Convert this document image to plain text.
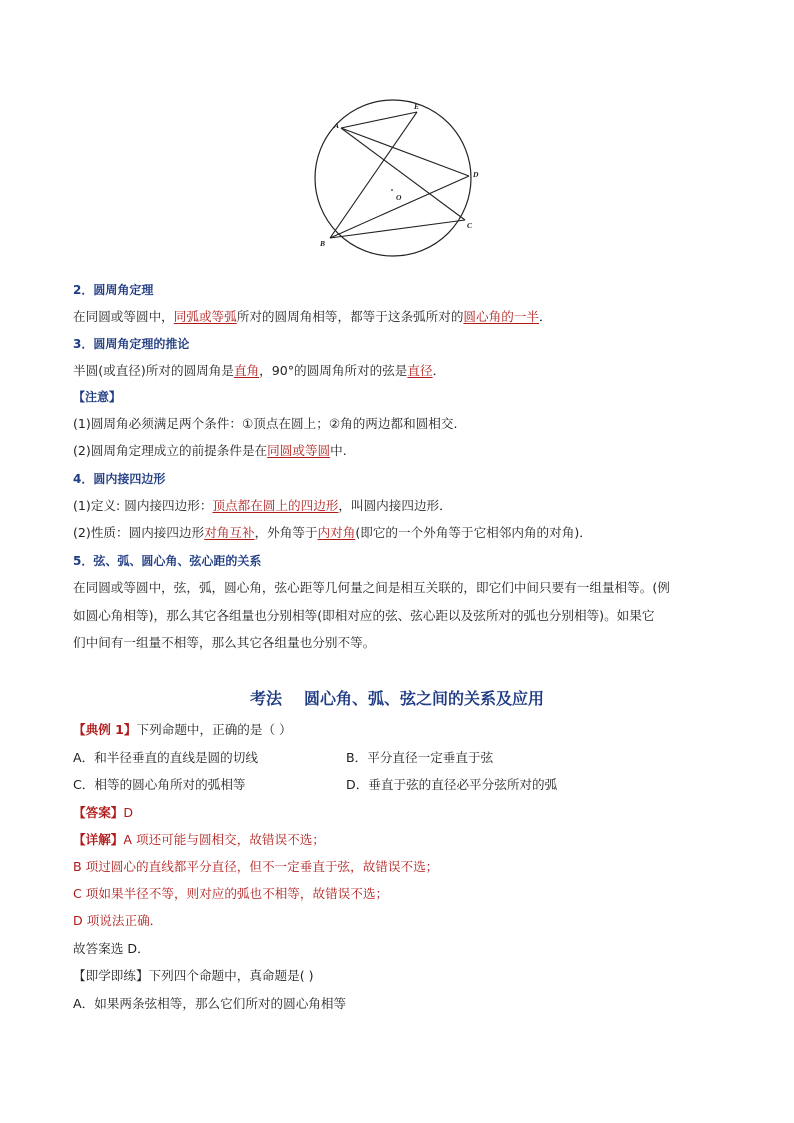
A
E
D
C
B
O
2．圆周角定理
在同圆或等圆中，同弧或等弧所对的圆周角相等，都等于这条弧所对的圆心角的一半．
3．圆周角定理的推论
半圆(或直径)所对的圆周角是直角，90°的圆周角所对的弦是直径．
【注意】
(1)圆周角必须满足两个条件：①顶点在圆上；②角的两边都和圆相交.
(2)圆周角定理成立的前提条件是在同圆或等圆中.
4．圆内接四边形
(1)定义: 圆内接四边形：顶点都在圆上的四边形，叫圆内接四边形．
(2)性质：圆内接四边形对角互补，外角等于内对角(即它的一个外角等于它相邻内角的对角)．
5．弦、弧、圆心角、弦心距的关系
在同圆或等圆中，弦，弧，圆心角，弦心距等几何量之间是相互关联的，即它们中间只要有一组量相等。(例
如圆心角相等)，那么其它各组量也分别相等(即相对应的弦、弦心距以及弦所对的弧也分别相等)。如果它
们中间有一组量不相等，那么其它各组量也分别不等。
考法 圆心角、弧、弦之间的关系及应用
【典例 1】下列命题中，正确的是（ ）
A．和半径垂直的直线是圆的切线	B．平分直径一定垂直于弦
C．相等的圆心角所对的弧相等	D．垂直于弦的直径必平分弦所对的弧
【答案】D
【详解】A 项还可能与圆相交，故错误不选；
B 项过圆心的直线都平分直径，但不一定垂直于弦，故错误不选；
C 项如果半径不等，则对应的弧也不相等，故错误不选；
D 项说法正确．
故答案选 D．
【即学即练】下列四个命题中，真命题是( )
A．如果两条弦相等，那么它们所对的圆心角相等
